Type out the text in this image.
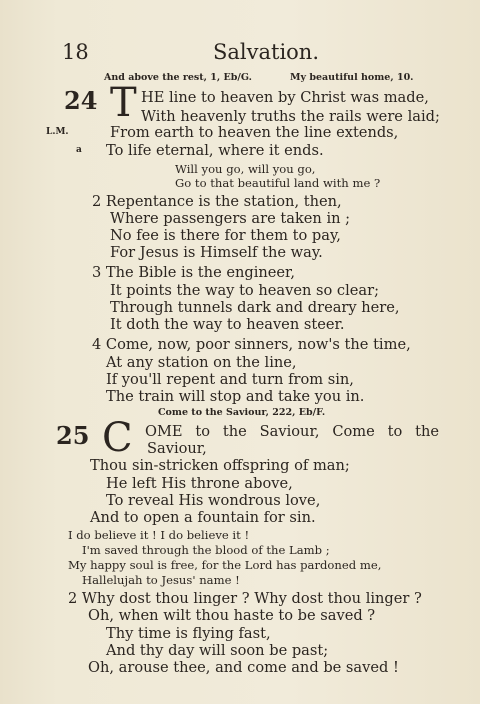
18	Salvation.
And above the rest, 1, Eb/G.	My beautiful home, 10.
24 T HE line to heaven by Christ was made,
With heavenly truths the rails were laid;
L.M.	From earth to heaven the line extends,
a To life eternal, where it ends.
Will you go, will you go,
Go to that beautiful land with me ?
2 Repentance is the station, then,
Where passengers are taken in ;
No fee is there for them to pay,
For Jesus is Himself the way.
3 The Bible is the engineer,
It points the way to heaven so clear;
Through tunnels dark and dreary here,
It doth the way to heaven steer.
4 Come, now, poor sinners, now's the time,
At any station on the line,
If you'll repent and turn from sin,
The train will stop and take you in.
Come to the Saviour, 222, Eb/F.
25 C OME to the Saviour, Come to the
Saviour,
Thou sin-stricken offspring of man;
He left His throne above,
To reveal His wondrous love,
And to open a fountain for sin.
I do believe it ! I do believe it !
I'm saved through the blood of the Lamb ;
My happy soul is free, for the Lord has pardoned me,
Hallelujah to Jesus' name !
2 Why dost thou linger ? Why dost thou linger ?
Oh, when wilt thou haste to be saved ?
Thy time is flying fast,
And thy day will soon be past;
Oh, arouse thee, and come and be saved !
